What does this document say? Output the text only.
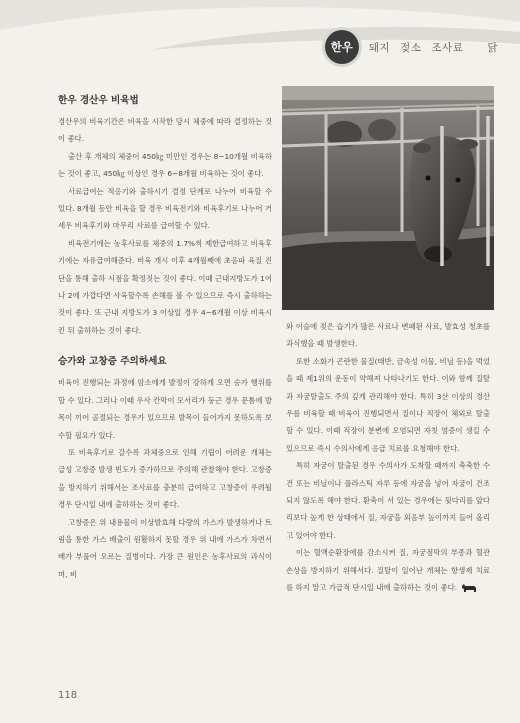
한우	돼지 젖소 조사료 닭
한우 경산우 비육법

경산우의 비육기간은 비육을 시작한 당시 체중에 따라 결정하는 것이 좋다.

출산 후 개체의 체중이 450㎏ 미만인 경우는 8~10개월 비육하는 것이 좋고, 450㎏ 이상인 경우 6~8개월 비육하는 것이 좋다.

사료급여는 적응기와 출하시기 결정 단계로 나누어 비육할 수 있다. 8개월 동안 비육을 할 경우 비육전기와 비육후기로 나누어 거세우 비육후기와 마무리 사료를 급여할 수 있다.

비육전기에는 농후사료를 체중의 1.7%씩 제한급여하고 비육후기에는 자유급여해준다. 비육 개시 이후 4개월째에 초음파 육질 진단을 통해 출하 시점을 확정짓는 것이 좋다. 이때 근내지방도가 1어나 2에 가깝다면 사육할수록 손해를 볼 수 있으므로 즉시 출하하는 것이 좋다. 또 근내 지방도가 3 이상일 경우 4~6개월 이상 비육시킨 뒤 출하하는 것이 좋다.

승가와 고창증 주의하세요

비육이 진행되는 과정에 암소에게 발정이 강하게 오면 승가 행위를 할 수 있다. 그러나 이때 우사 칸막이 모서리가 둥근 경우 문틈에 발목이 끼어 골절되는 경우가 있으므로 발목이 들어가지 못하도록 보수할 필요가 있다.

또 비육후기로 갈수록 과체중으로 인해 기립이 어려운 개체는 급성 고창증 발생 빈도가 증가하므로 주의해 관찰해야 한다. 고창증을 방지하기 위해서는 조사료를 충분히 급여하고 고창증이 우려될 경우 단시일 내에 출하하는 것이 좋다.

고창증은 위 내용물이 이상발효해 다량의 가스가 발생하거나 트림을 통한 가스 배출이 원활하지 못할 경우 위 내에 가스가 차면서 배가 부풀어 오르는 질병이다. 가장 큰 원인은 농후사료의 과식이며, 비

와 이슬에 젖은 습기가 많은 사료나 변패된 사료, 발효성 청초를 과식했을 때 발생한다.

또한 소화가 곤란한 물질(태반, 금속성 이물, 비닐 등)을 먹었을 때 제1위의 운동이 약해져 나타나기도 한다. 이와 함께 질탈과 자궁탈출도 주의 깊게 관리해야 한다. 특히 3산 이상의 경산우를 비육할 때 비육이 진행되면서 질이나 직장이 체외로 탈출할 수 있다. 이때 직장이 분변에 오염되면 자칫 염증이 생길 수 있으므로 즉시 수의사에게 응급 치료를 요청해야 한다.

특히 자궁이 탈출된 경우 수의사가 도착할 때까지 축축한 수건 또는 비닐이나 플라스틱 자루 등에 자궁을 넣어 자궁이 건조되지 않도록 해야 한다. 환축이 서 있는 경우에는 뒷다리를 앞다리보다 높게 한 상태에서 질, 자궁을 외음부 높이까지 들어 올리고 있어야 한다.

이는 혈액순환장애를 감소시켜 질, 자궁점막의 부종과 혈관 손상을 방지하기 위해서다. 질탈이 일어난 개체는 항생제 치료를 하지 말고 가급적 단시일 내에 출하하는 것이 좋다.

118
